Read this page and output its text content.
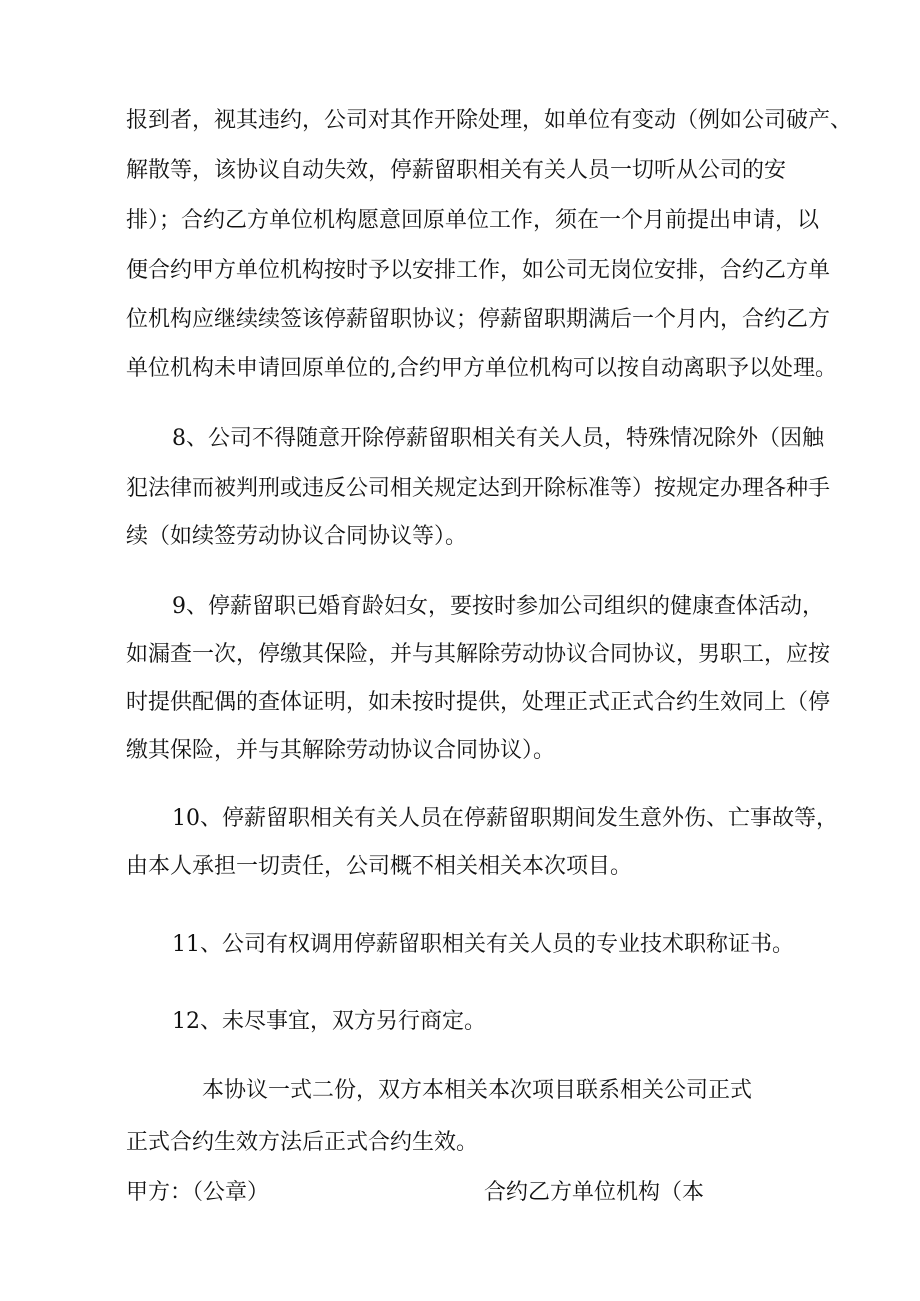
报到者，视其违约，公司对其作开除处理，如单位有变动（例如公司破产、

解散等，该协议自动失效，停薪留职相关有关人员一切听从公司的安

排）；合约乙方单位机构愿意回原单位工作，须在一个月前提出申请，以

便合约甲方单位机构按时予以安排工作，如公司无岗位安排，合约乙方单

位机构应继续续签该停薪留职协议；停薪留职期满后一个月内，合约乙方

单位机构未申请回原单位的,合约甲方单位机构可以按自动离职予以处理。

8、公司不得随意开除停薪留职相关有关人员，特殊情况除外（因触

犯法律而被判刑或违反公司相关规定达到开除标准等）按规定办理各种手

续（如续签劳动协议合同协议等）。

9、停薪留职已婚育龄妇女，要按时参加公司组织的健康查体活动，

如漏查一次，停缴其保险，并与其解除劳动协议合同协议，男职工，应按

时提供配偶的查体证明，如未按时提供，处理正式正式合约生效同上（停

缴其保险，并与其解除劳动协议合同协议）。

10、停薪留职相关有关人员在停薪留职期间发生意外伤、亡事故等，

由本人承担一切责任，公司概不相关相关本次项目。

11、公司有权调用停薪留职相关有关人员的专业技术职称证书。

12、未尽事宜，双方另行商定。

本协议一式二份，双方本相关本次项目联系相关公司正式

正式合约生效方法后正式合约生效。

甲方：（公章）	合约乙方单位机构（本
